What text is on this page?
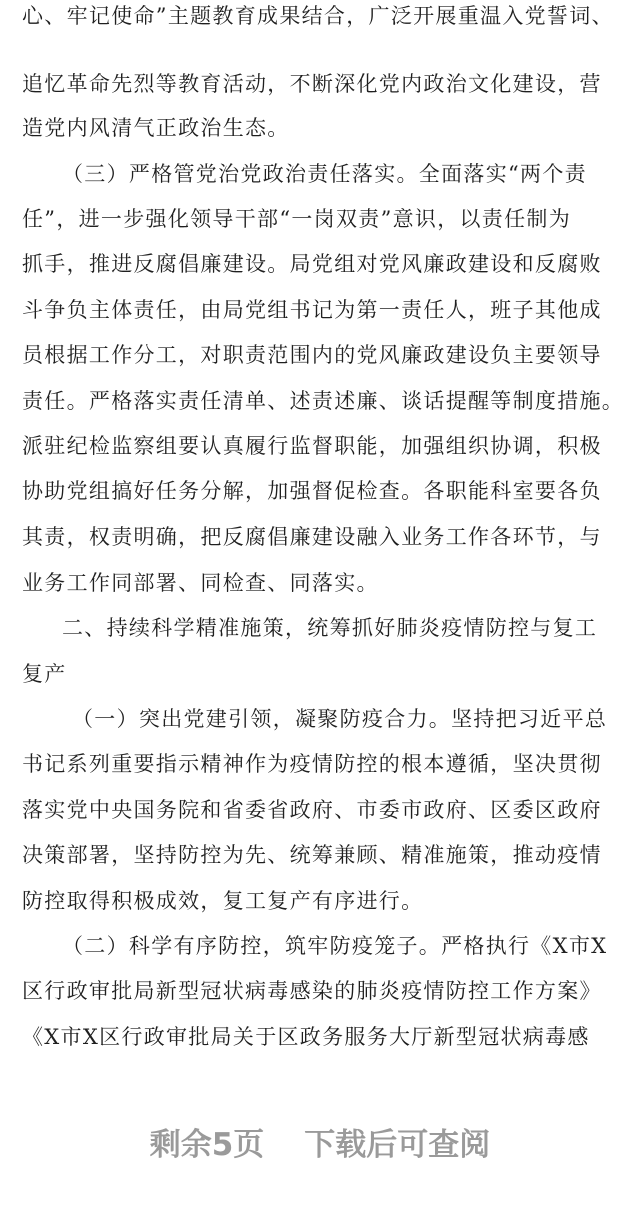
心、牢记使命”主题教育成果结合，广泛开展重温入党誓词、
追忆革命先烈等教育活动，不断深化党内政治文化建设，营
造党内风清气正政治生态。
（三）严格管党治党政治责任落实。全面落实“两个责
任”，进一步强化领导干部“一岗双责”意识，以责任制为
抓手，推进反腐倡廉建设。局党组对党风廉政建设和反腐败
斗争负主体责任，由局党组书记为第一责任人，班子其他成
员根据工作分工，对职责范围内的党风廉政建设负主要领导
责任。严格落实责任清单、述责述廉、谈话提醒等制度措施。
派驻纪检监察组要认真履行监督职能，加强组织协调，积极
协助党组搞好任务分解，加强督促检查。各职能科室要各负
其责，权责明确，把反腐倡廉建设融入业务工作各环节，与
业务工作同部署、同检查、同落实。
二、持续科学精准施策，统筹抓好肺炎疫情防控与复工
复产
（一）突出党建引领，凝聚防疫合力。坚持把习近平总
书记系列重要指示精神作为疫情防控的根本遵循，坚决贯彻
落实党中央国务院和省委省政府、市委市政府、区委区政府
决策部署，坚持防控为先、统筹兼顾、精准施策，推动疫情
防控取得积极成效，复工复产有序进行。
（二）科学有序防控，筑牢防疫笼子。严格执行《X市X
区行政审批局新型冠状病毒感染的肺炎疫情防控工作方案》
《X市X区行政审批局关于区政务服务大厅新型冠状病毒感
剩余5页 下载后可查阅
